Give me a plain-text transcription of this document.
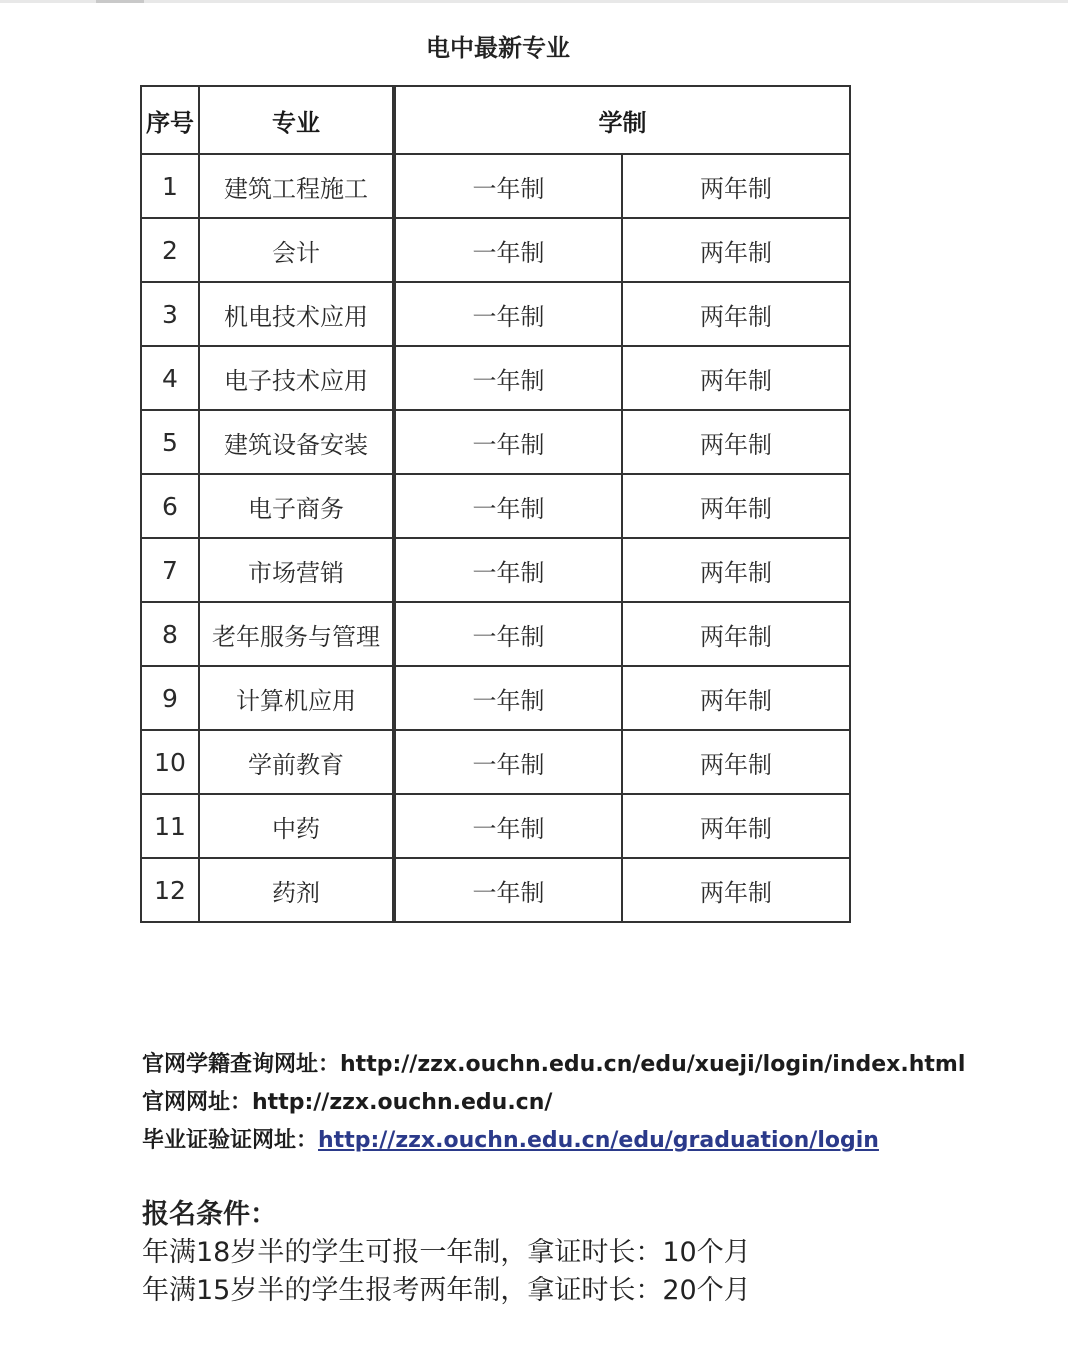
电中最新专业
序号	专业	学制	
1	建筑工程施工	一年制	两年制
2	会计	一年制	两年制
3	机电技术应用	一年制	两年制
4	电子技术应用	一年制	两年制
5	建筑设备安装	一年制	两年制
6	电子商务	一年制	两年制
7	市场营销	一年制	两年制
8	老年服务与管理	一年制	两年制
9	计算机应用	一年制	两年制
10	学前教育	一年制	两年制
11	中药	一年制	两年制
12	药剂	一年制	两年制
官网学籍查询网址：http://zzx.ouchn.edu.cn/edu/xueji/login/index.html
官网网址：http://zzx.ouchn.edu.cn/
毕业证验证网址：http://zzx.ouchn.edu.cn/edu/graduation/login
报名条件：
年满18岁半的学生可报一年制，拿证时长：10个月
年满15岁半的学生报考两年制，拿证时长：20个月
